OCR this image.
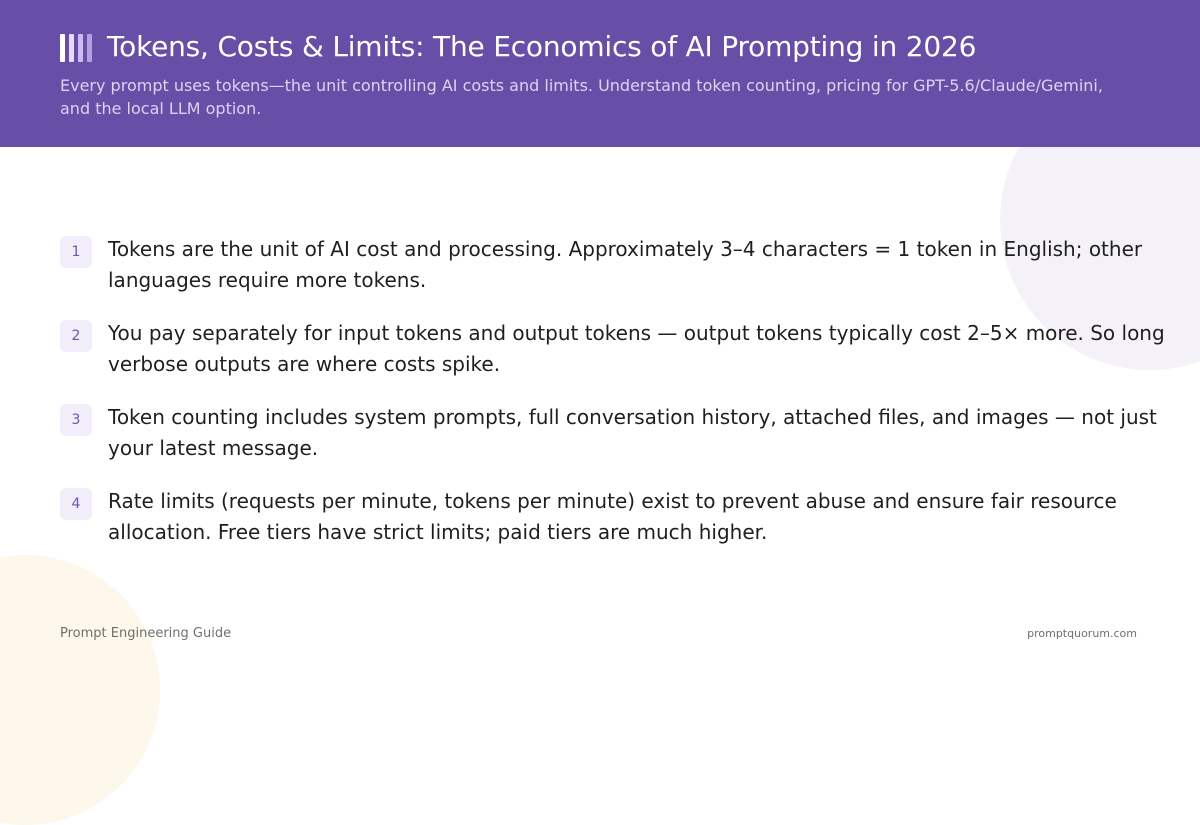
Tokens, Costs & Limits: The Economics of AI Prompting in 2026

Every prompt uses tokens—the unit controlling AI costs and limits. Understand token counting, pricing for GPT-5.6/Claude/Gemini, and the local LLM option.

1	Tokens are the unit of AI cost and processing. Approximately 3–4 characters = 1 token in English; other languages require more tokens.
2	You pay separately for input tokens and output tokens — output tokens typically cost 2–5× more. So long verbose outputs are where costs spike.
3	Token counting includes system prompts, full conversation history, attached files, and images — not just your latest message.
4	Rate limits (requests per minute, tokens per minute) exist to prevent abuse and ensure fair resource allocation. Free tiers have strict limits; paid tiers are much higher.
Prompt Engineering Guide	promptquorum.com
